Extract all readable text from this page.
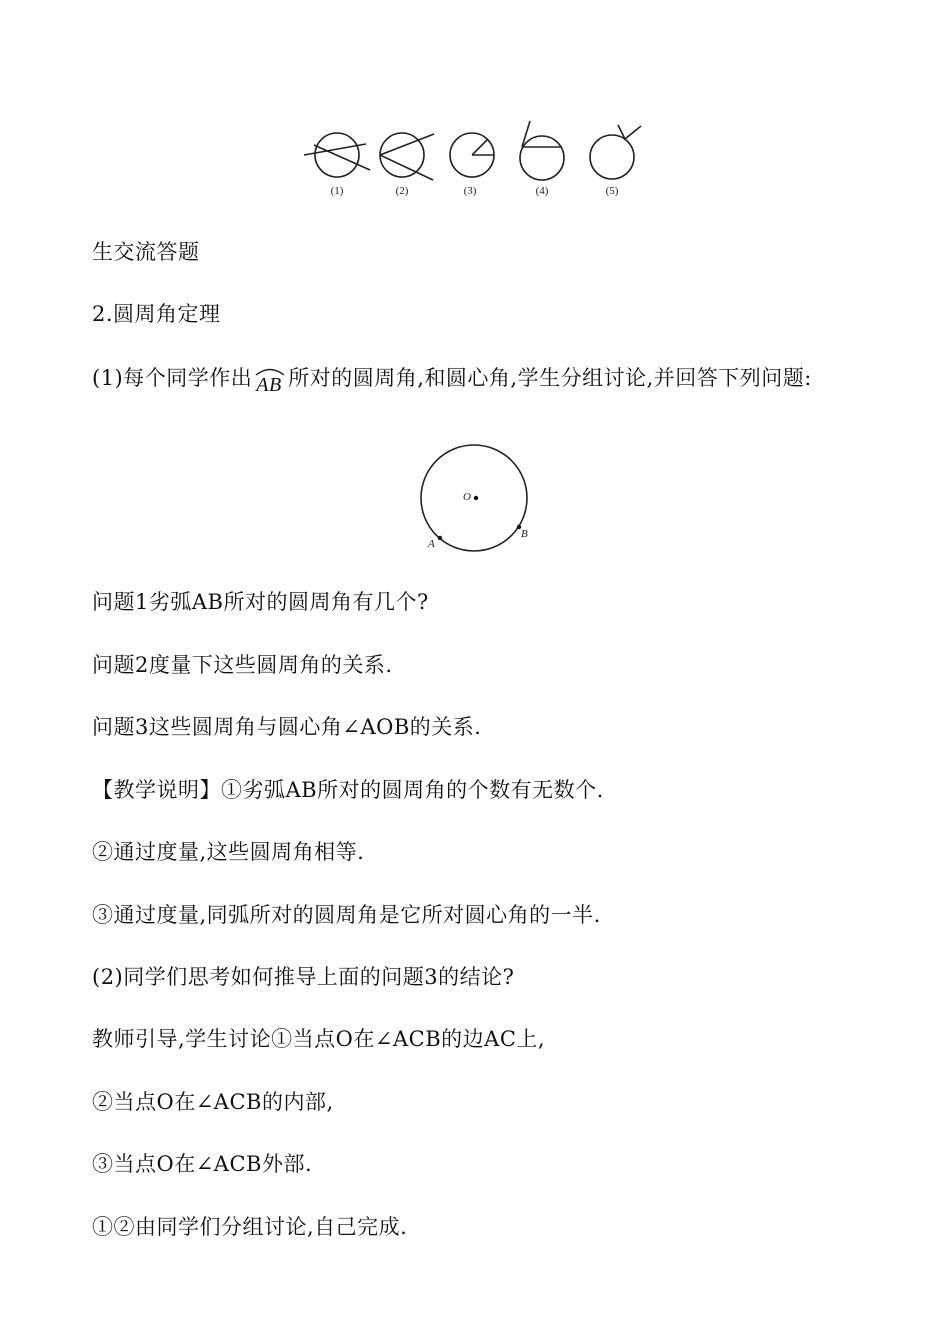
(1)	(2)	(3)	(4)	(5)
生交流答题
2.圆周角定理
(1)每个同学作出 AB 所对的圆周角,和圆心角,学生分组讨论,并回答下列问题:
O
A
B
问题1劣弧AB所对的圆周角有几个?
问题2度量下这些圆周角的关系.
问题3这些圆周角与圆心角∠AOB的关系.
【教学说明】①劣弧AB所对的圆周角的个数有无数个.
②通过度量,这些圆周角相等.
③通过度量,同弧所对的圆周角是它所对圆心角的一半.
(2)同学们思考如何推导上面的问题3的结论?
教师引导,学生讨论①当点O在∠ACB的边AC上,
②当点O在∠ACB的内部,
③当点O在∠ACB外部.
①②由同学们分组讨论,自己完成.
